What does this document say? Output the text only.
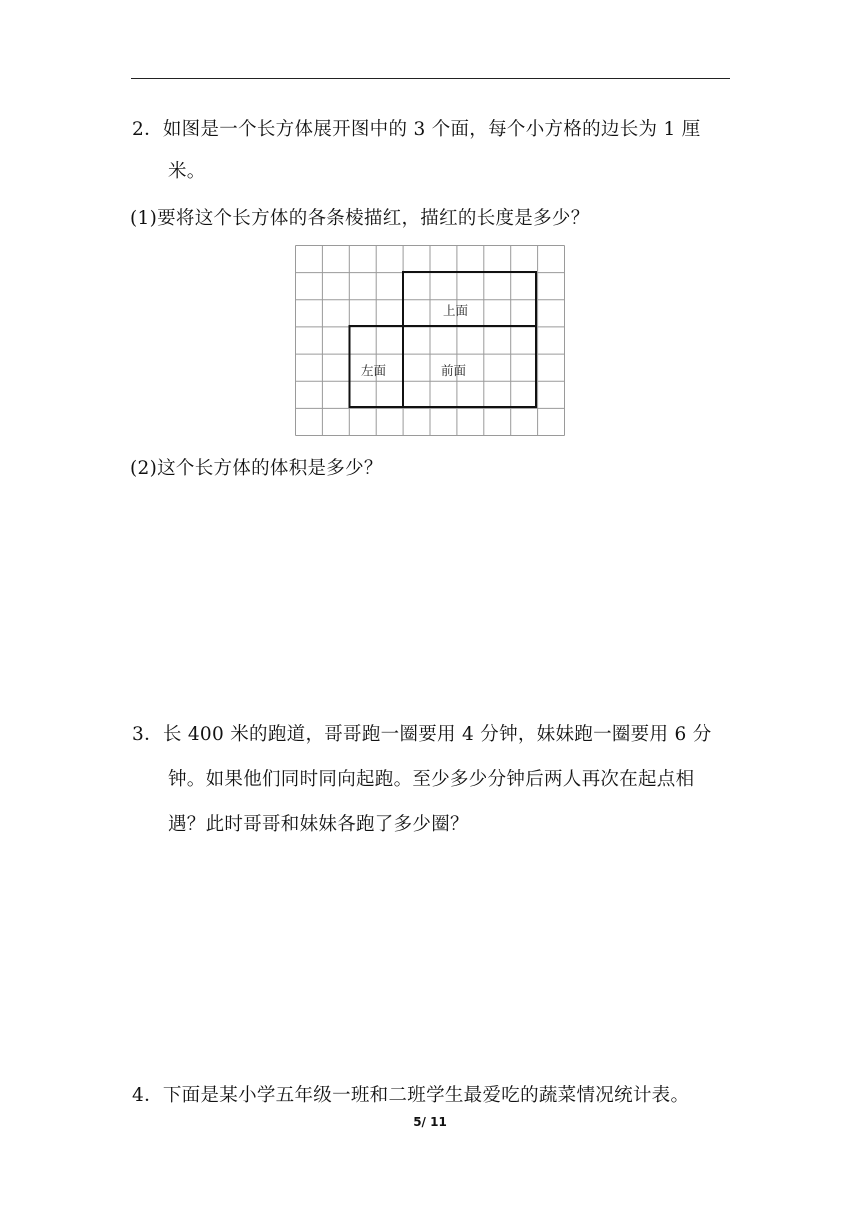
2．如图是一个长方体展开图中的 3 个面，每个小方格的边长为 1 厘
米。
(1)要将这个长方体的各条棱描红，描红的长度是多少？
上面
左面	前面
(2)这个长方体的体积是多少？
3．长 400 米的跑道，哥哥跑一圈要用 4 分钟，妹妹跑一圈要用 6 分
钟。如果他们同时同向起跑。至少多少分钟后两人再次在起点相
遇？此时哥哥和妹妹各跑了多少圈？
4．下面是某小学五年级一班和二班学生最爱吃的蔬菜情况统计表。
5/ 11
